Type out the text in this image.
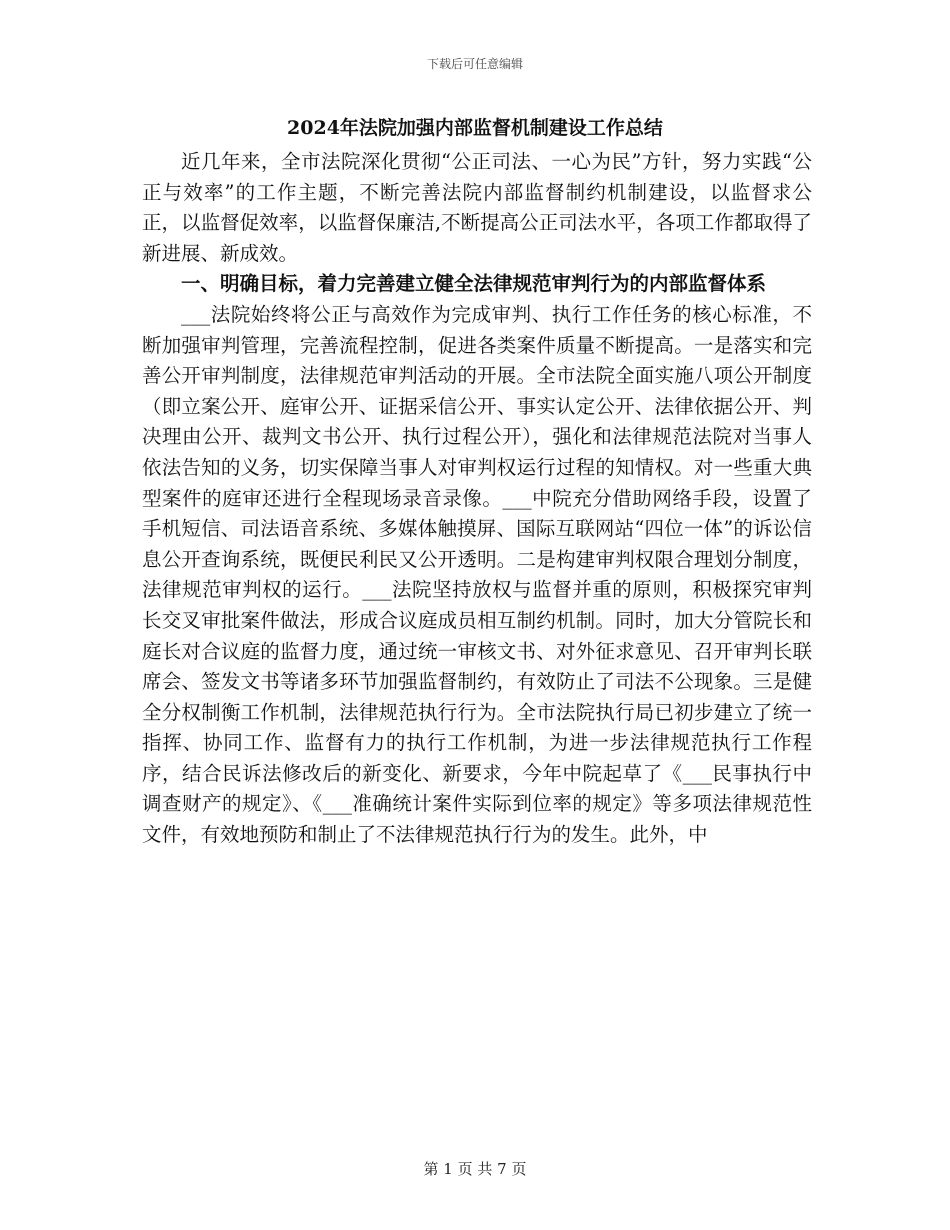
下载后可任意编辑
2024年法院加强内部监督机制建设工作总结

近几年来，全市法院深化贯彻“公正司法、一心为民”方针，努力实践“公正与效率”的工作主题，不断完善法院内部监督制约机制建设，以监督求公正，以监督促效率，以监督保廉洁,不断提高公正司法水平，各项工作都取得了新进展、新成效。

一、明确目标，着力完善建立健全法律规范审判行为的内部监督体系

___法院始终将公正与高效作为完成审判、执行工作任务的核心标准，不断加强审判管理，完善流程控制，促进各类案件质量不断提高。一是落实和完善公开审判制度，法律规范审判活动的开展。全市法院全面实施八项公开制度（即立案公开、庭审公开、证据采信公开、事实认定公开、法律依据公开、判决理由公开、裁判文书公开、执行过程公开），强化和法律规范法院对当事人依法告知的义务，切实保障当事人对审判权运行过程的知情权。对一些重大典型案件的庭审还进行全程现场录音录像。___中院充分借助网络手段，设置了手机短信、司法语音系统、多媒体触摸屏、国际互联网站“四位一体”的诉讼信息公开查询系统，既便民利民又公开透明。二是构建审判权限合理划分制度，法律规范审判权的运行。___法院坚持放权与监督并重的原则，积极探究审判长交叉审批案件做法，形成合议庭成员相互制约机制。同时，加大分管院长和庭长对合议庭的监督力度，通过统一审核文书、对外征求意见、召开审判长联席会、签发文书等诸多环节加强监督制约，有效防止了司法不公现象。三是健全分权制衡工作机制，法律规范执行行为。全市法院执行局已初步建立了统一指挥、协同工作、监督有力的执行工作机制，为进一步法律规范执行工作程序，结合民诉法修改后的新变化、新要求，今年中院起草了《___民事执行中调查财产的规定》、《___准确统计案件实际到位率的规定》等多项法律规范性文件，有效地预防和制止了不法律规范执行行为的发生。此外，中

第 1 页 共 7 页
